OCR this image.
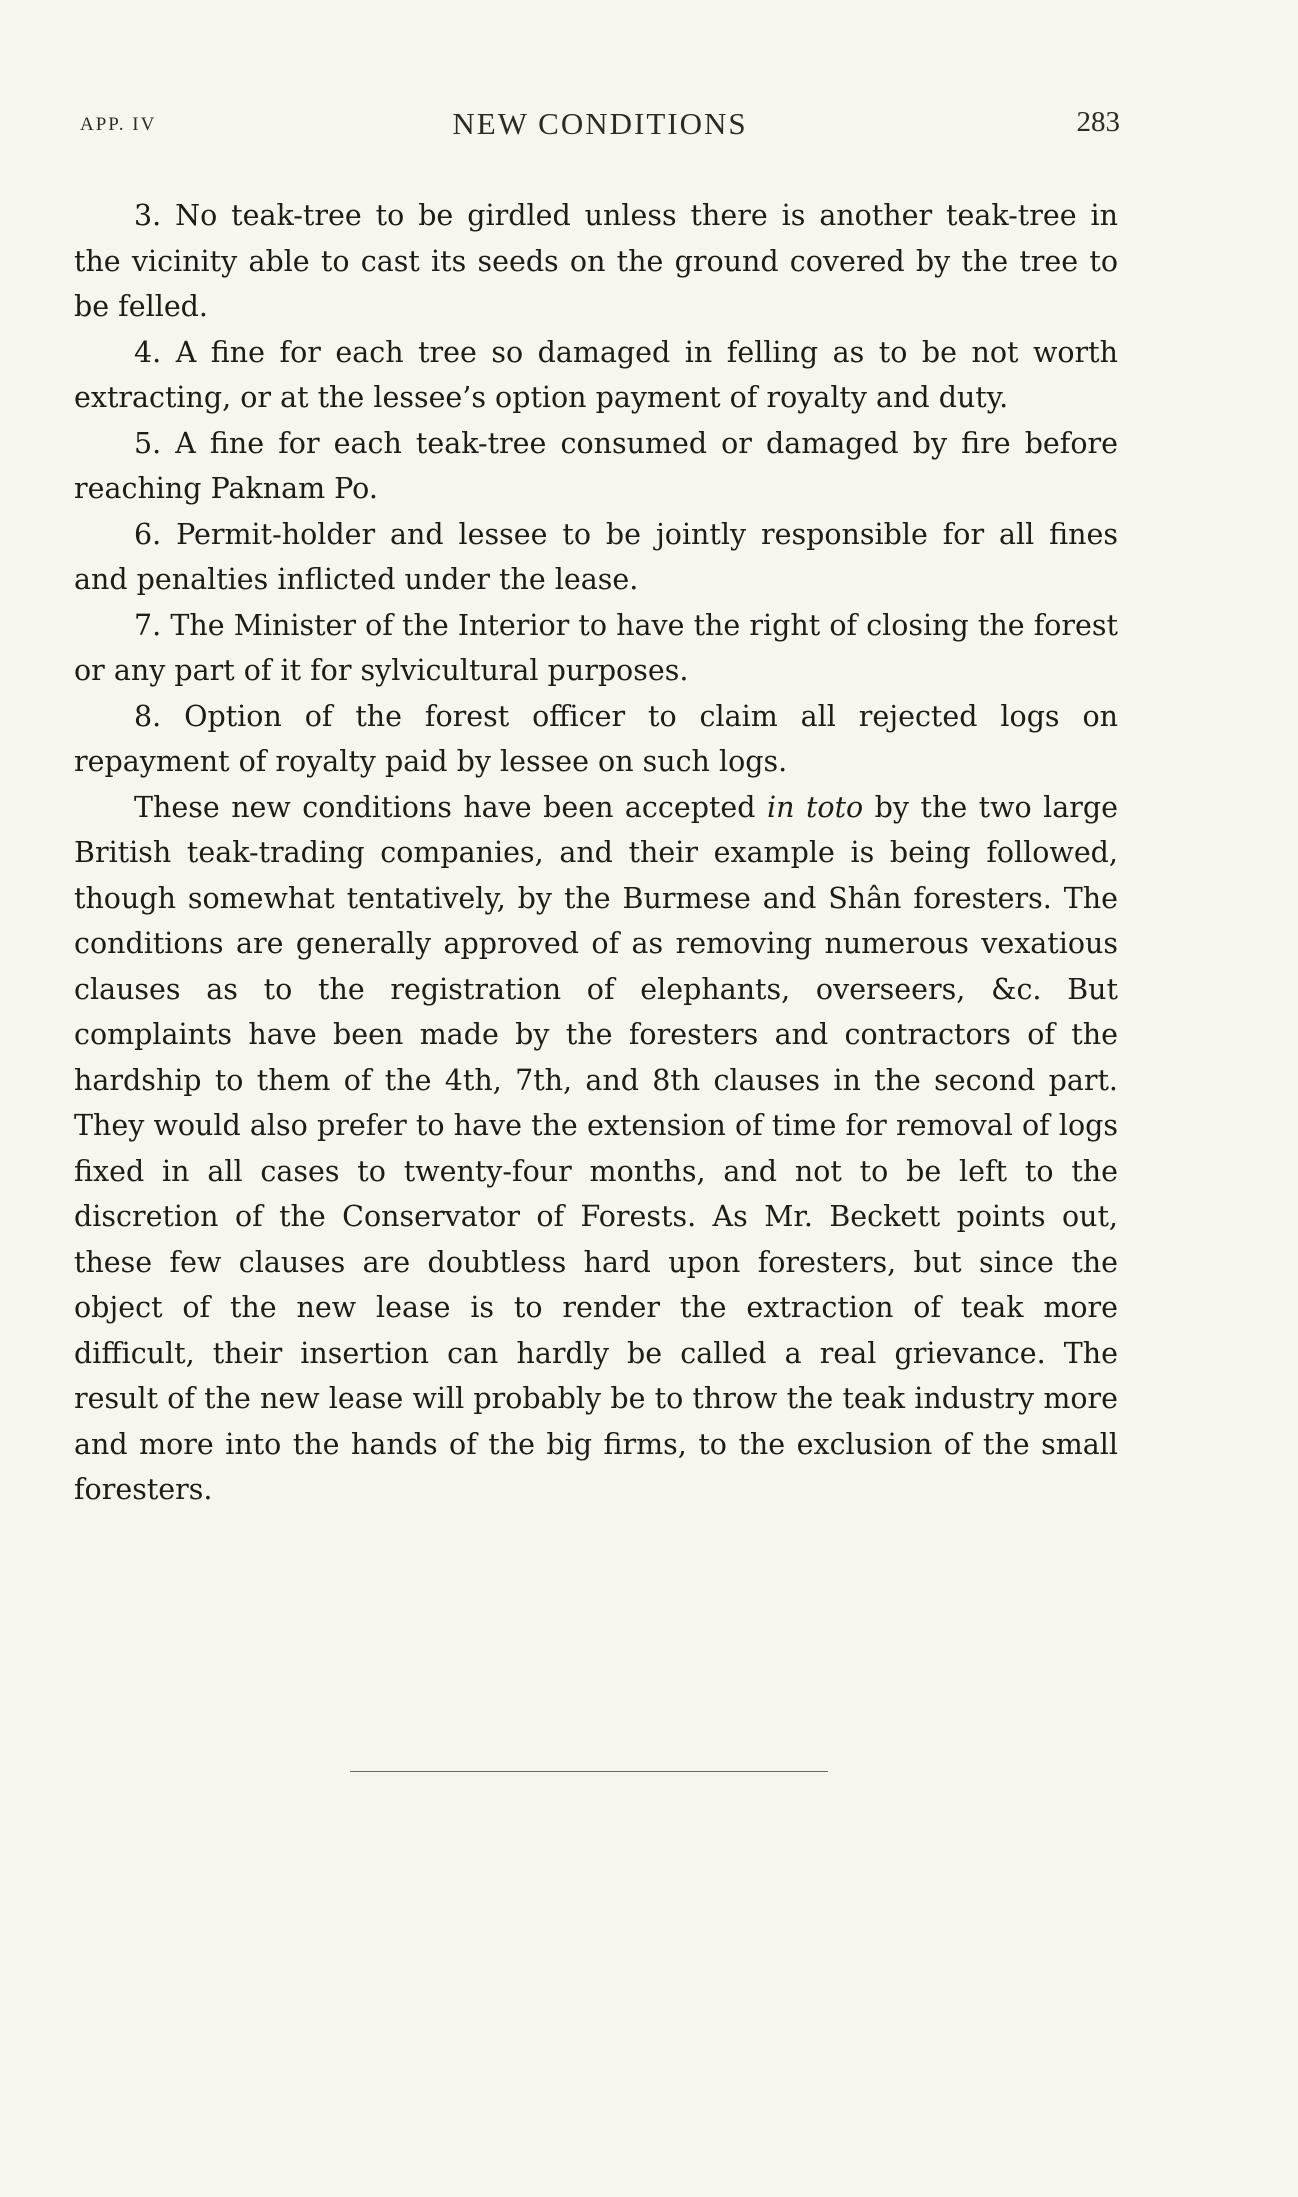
APP. IV	NEW CONDITIONS	283

3. No teak-tree to be girdled unless there is another teak-tree in the vicinity able to cast its seeds on the ground covered by the tree to be felled.

4. A fine for each tree so damaged in felling as to be not worth extracting, or at the lessee’s option payment of royalty and duty.

5. A fine for each teak-tree consumed or damaged by fire before reaching Paknam Po.

6. Permit-holder and lessee to be jointly responsible for all fines and penalties inflicted under the lease.

7. The Minister of the Interior to have the right of closing the forest or any part of it for sylvicultural purposes.

8. Option of the forest officer to claim all rejected logs on repayment of royalty paid by lessee on such logs.

These new conditions have been accepted in toto by the two large British teak-trading companies, and their example is being followed, though somewhat tentatively, by the Burmese and Shân foresters. The conditions are generally approved of as removing numerous vexatious clauses as to the registration of elephants, overseers, &c. But complaints have been made by the foresters and contractors of the hardship to them of the 4th, 7th, and 8th clauses in the second part. They would also prefer to have the extension of time for removal of logs fixed in all cases to twenty-four months, and not to be left to the discretion of the Conservator of Forests. As Mr. Beckett points out, these few clauses are doubtless hard upon foresters, but since the object of the new lease is to render the extraction of teak more difficult, their insertion can hardly be called a real grievance. The result of the new lease will probably be to throw the teak industry more and more into the hands of the big firms, to the exclusion of the small foresters.
